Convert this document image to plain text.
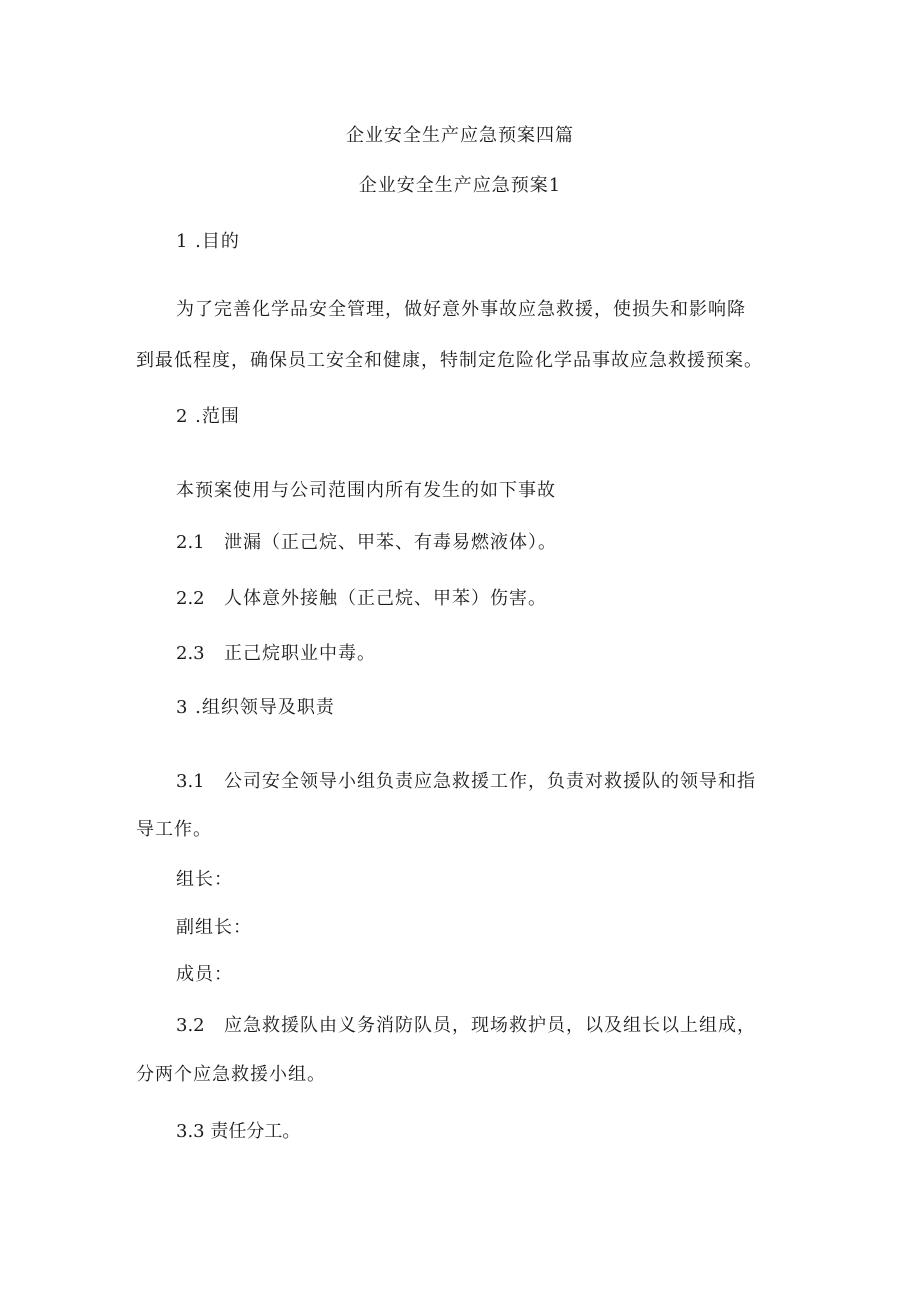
企业安全生产应急预案四篇

企业安全生产应急预案1

1 .目的

为了完善化学品安全管理，做好意外事故应急救援，使损失和影响降

到最低程度，确保员工安全和健康，特制定危险化学品事故应急救援预案。

2 .范围

本预案使用与公司范围内所有发生的如下事故

2.1 泄漏（正己烷、甲苯、有毒易燃液体）。

2.2 人体意外接触（正己烷、甲苯）伤害。

2.3 正己烷职业中毒。

3 .组织领导及职责

3.1 公司安全领导小组负责应急救援工作，负责对救援队的领导和指

导工作。

组长：

副组长：

成员：

3.2 应急救援队由义务消防队员，现场救护员，以及组长以上组成，

分两个应急救援小组。

3.3 责任分工。
